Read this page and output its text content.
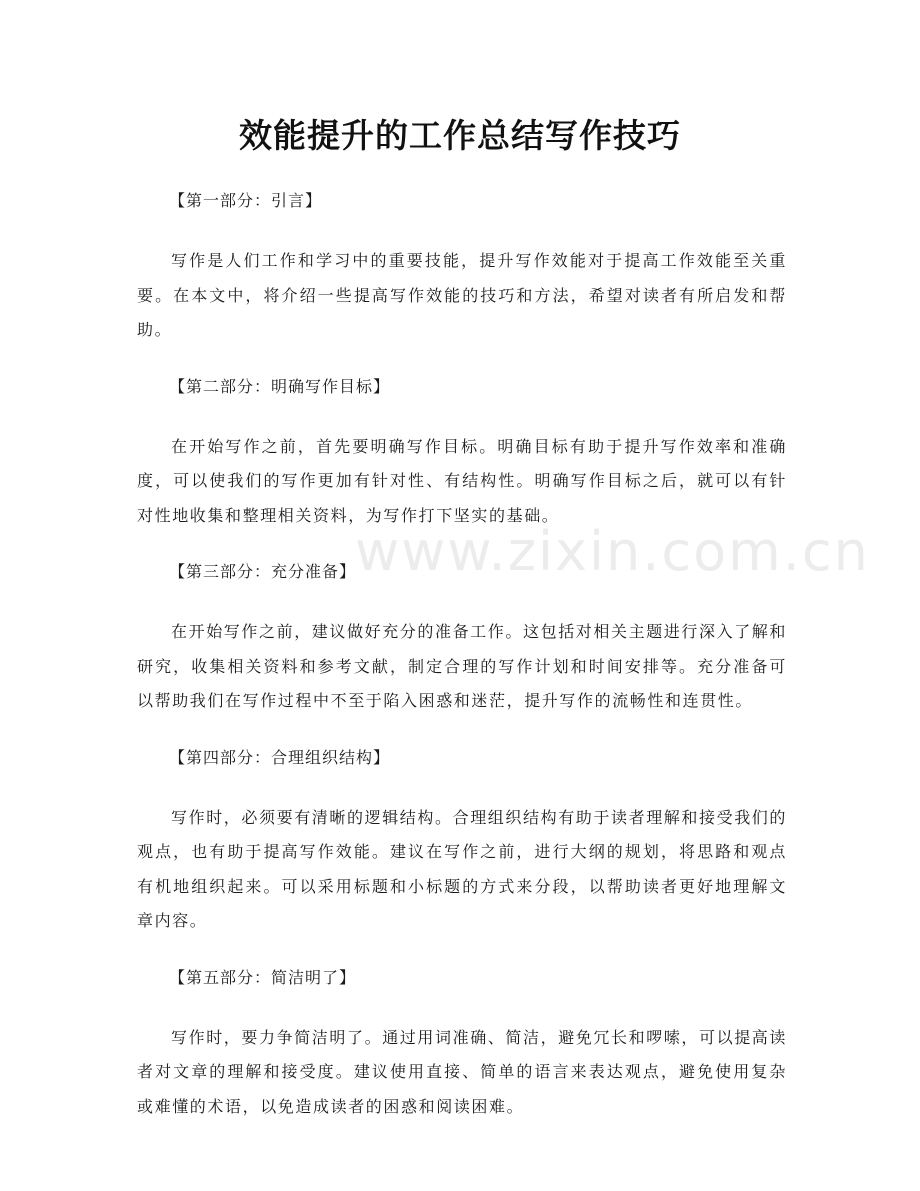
效能提升的工作总结写作技巧
www.zixin.com.cn
【第一部分：引言】

写作是人们工作和学习中的重要技能，提升写作效能对于提高工作效能至关重要。在本文中，将介绍一些提高写作效能的技巧和方法，希望对读者有所启发和帮助。

【第二部分：明确写作目标】

在开始写作之前，首先要明确写作目标。明确目标有助于提升写作效率和准确度，可以使我们的写作更加有针对性、有结构性。明确写作目标之后，就可以有针对性地收集和整理相关资料，为写作打下坚实的基础。

【第三部分：充分准备】

在开始写作之前，建议做好充分的准备工作。这包括对相关主题进行深入了解和研究，收集相关资料和参考文献，制定合理的写作计划和时间安排等。充分准备可以帮助我们在写作过程中不至于陷入困惑和迷茫，提升写作的流畅性和连贯性。

【第四部分：合理组织结构】

写作时，必须要有清晰的逻辑结构。合理组织结构有助于读者理解和接受我们的观点，也有助于提高写作效能。建议在写作之前，进行大纲的规划，将思路和观点有机地组织起来。可以采用标题和小标题的方式来分段，以帮助读者更好地理解文章内容。

【第五部分：简洁明了】

写作时，要力争简洁明了。通过用词准确、简洁，避免冗长和啰嗦，可以提高读者对文章的理解和接受度。建议使用直接、简单的语言来表达观点，避免使用复杂或难懂的术语，以免造成读者的困惑和阅读困难。
